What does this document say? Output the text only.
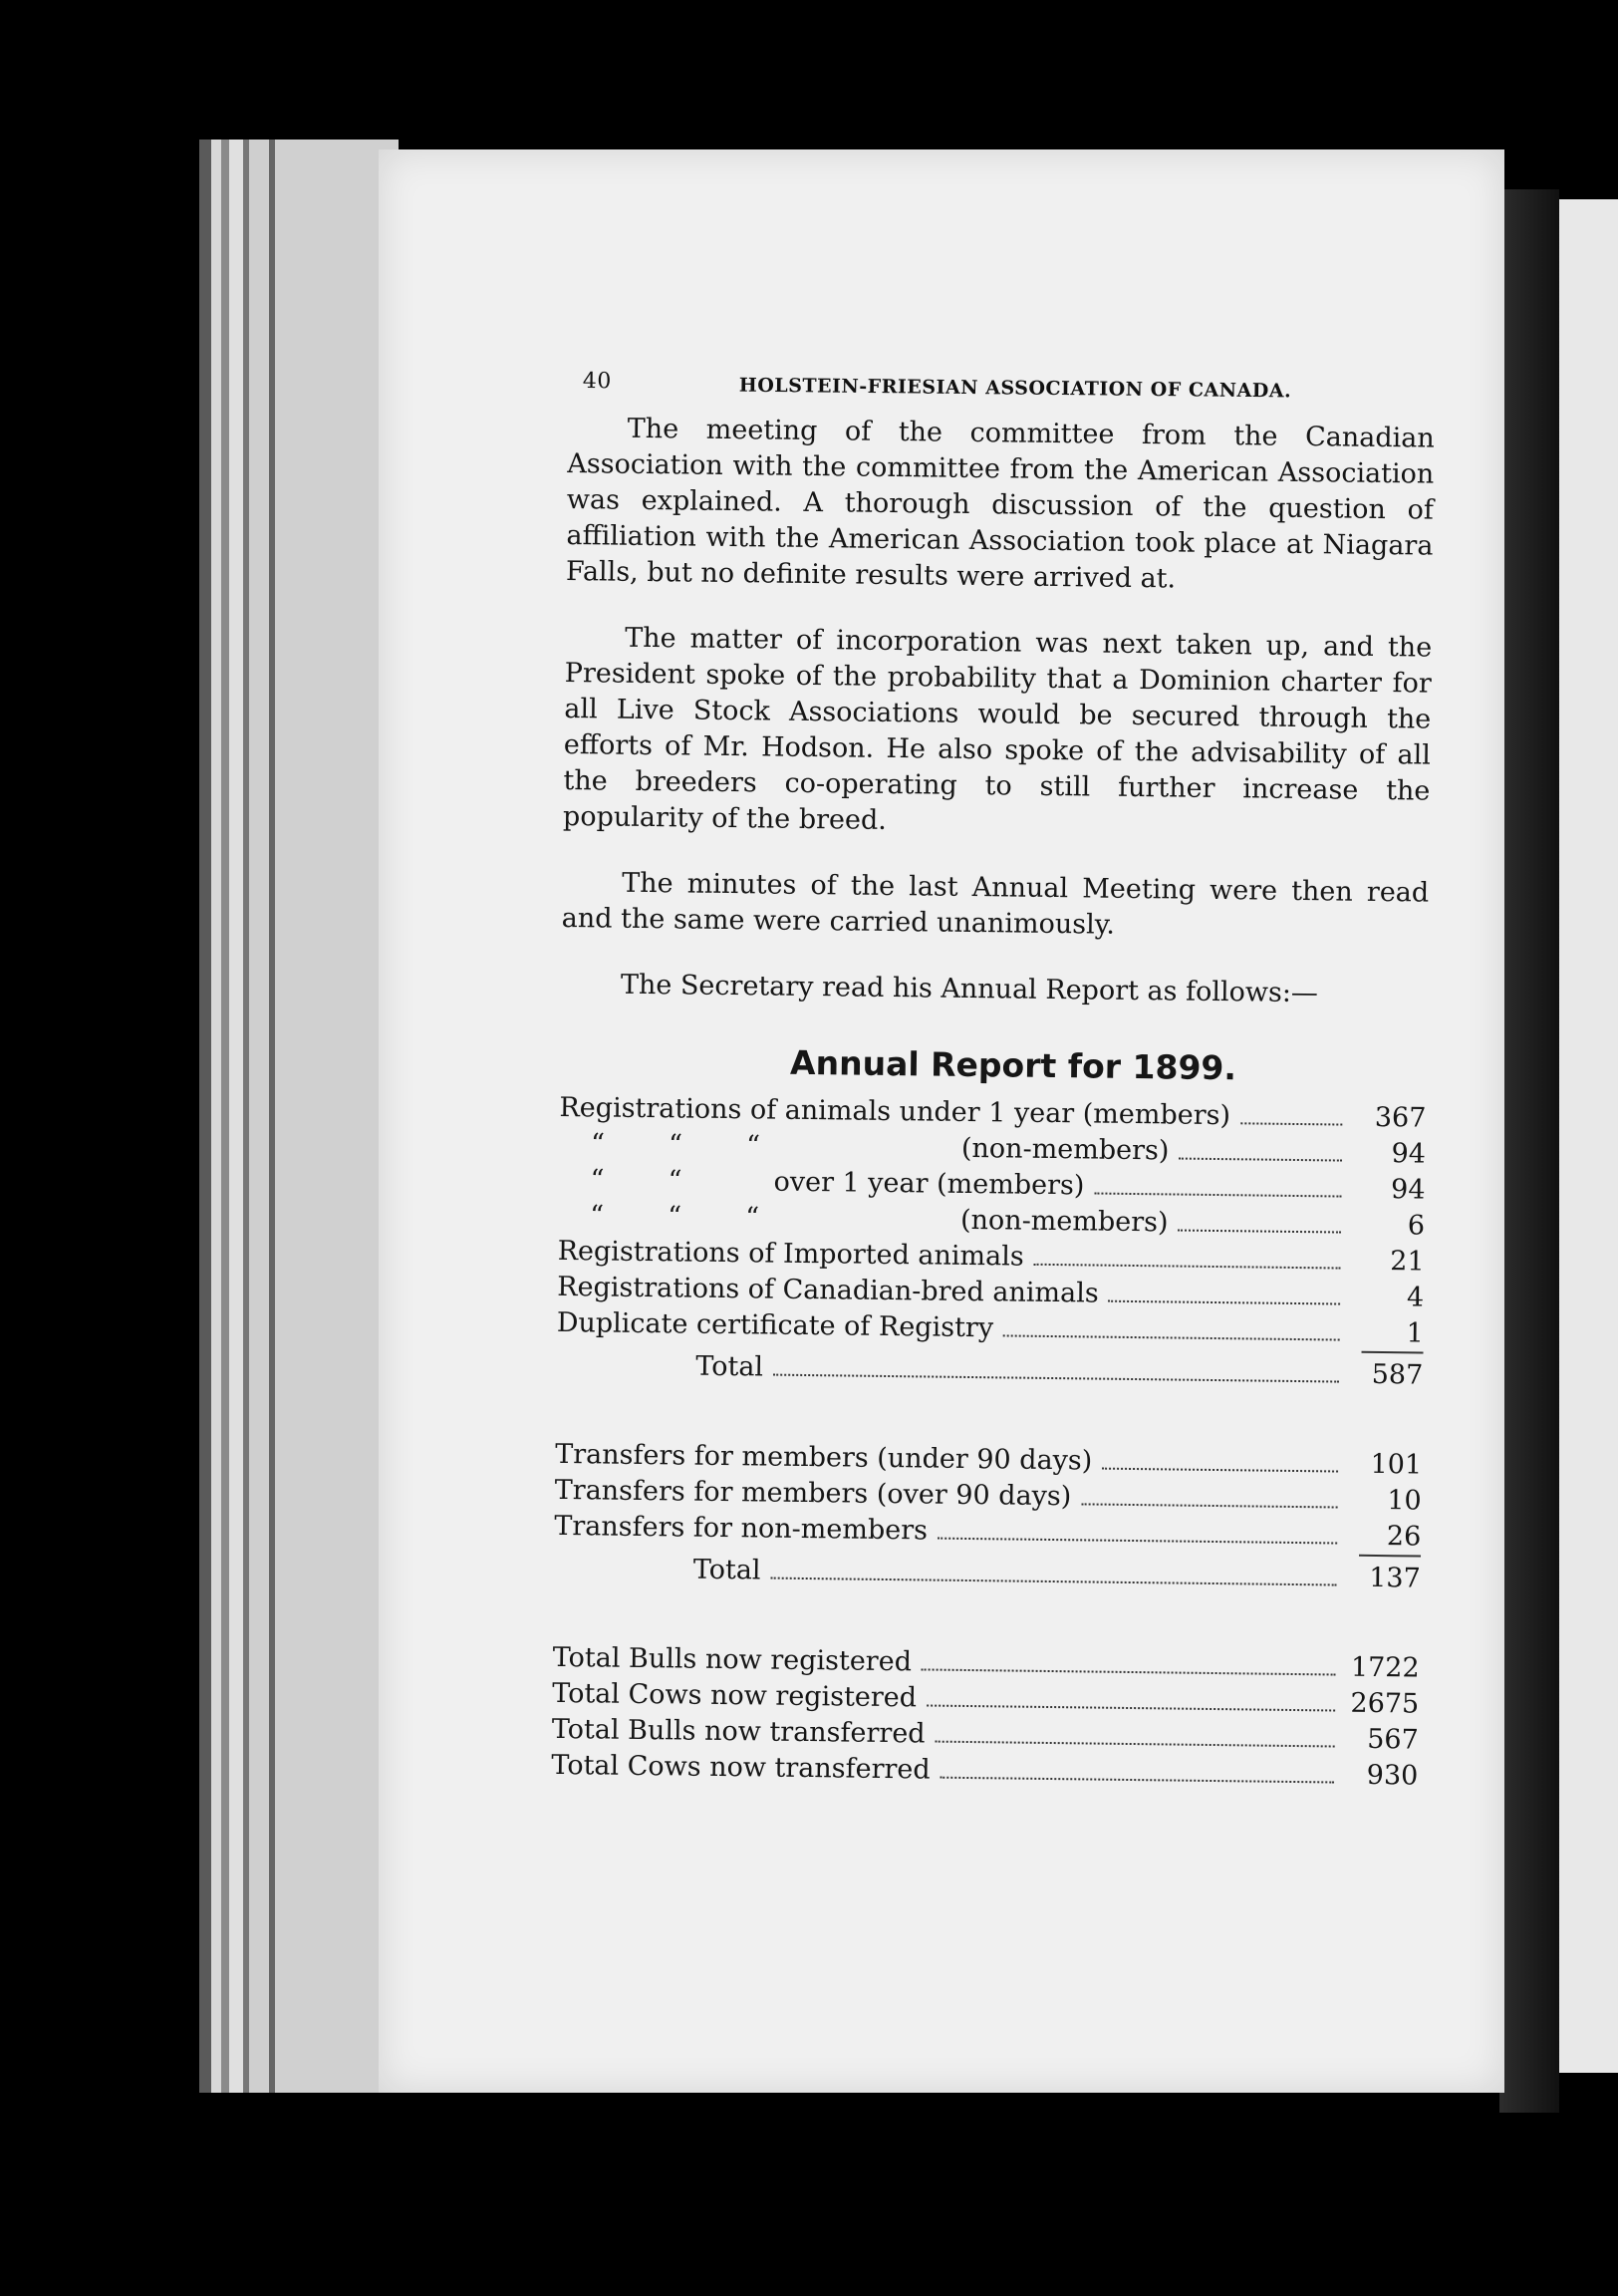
40	HOLSTEIN-FRIESIAN ASSOCIATION OF CANADA.

The meeting of the committee from the Canadian Association with the committee from the American Association was explained. A thorough discussion of the question of affiliation with the American Association took place at Niagara Falls, but no definite results were arrived at.

The matter of incorporation was next taken up, and the President spoke of the probability that a Dominion charter for all Live Stock Associations would be secured through the efforts of Mr. Hodson. He also spoke of the advisability of all the breeders co-operating to still further increase the popularity of the breed.

The minutes of the last Annual Meeting were then read and the same were carried unanimously.

The Secretary read his Annual Report as follows:—

Annual Report for 1899.
Registrations of animals under 1 year (members)	367
“	“	“	(non-members)	94
“	“	over 1 year (members)	94
“	“	“	(non-members)	6
Registrations of Imported animals	21
Registrations of Canadian-bred animals	4
Duplicate certificate of Registry	1
Total	587
Transfers for members (under 90 days)	101
Transfers for members (over 90 days)	10
Transfers for non-members	26
Total	137
Total Bulls now registered	1722
Total Cows now registered	2675
Total Bulls now transferred	567
Total Cows now transferred	930
